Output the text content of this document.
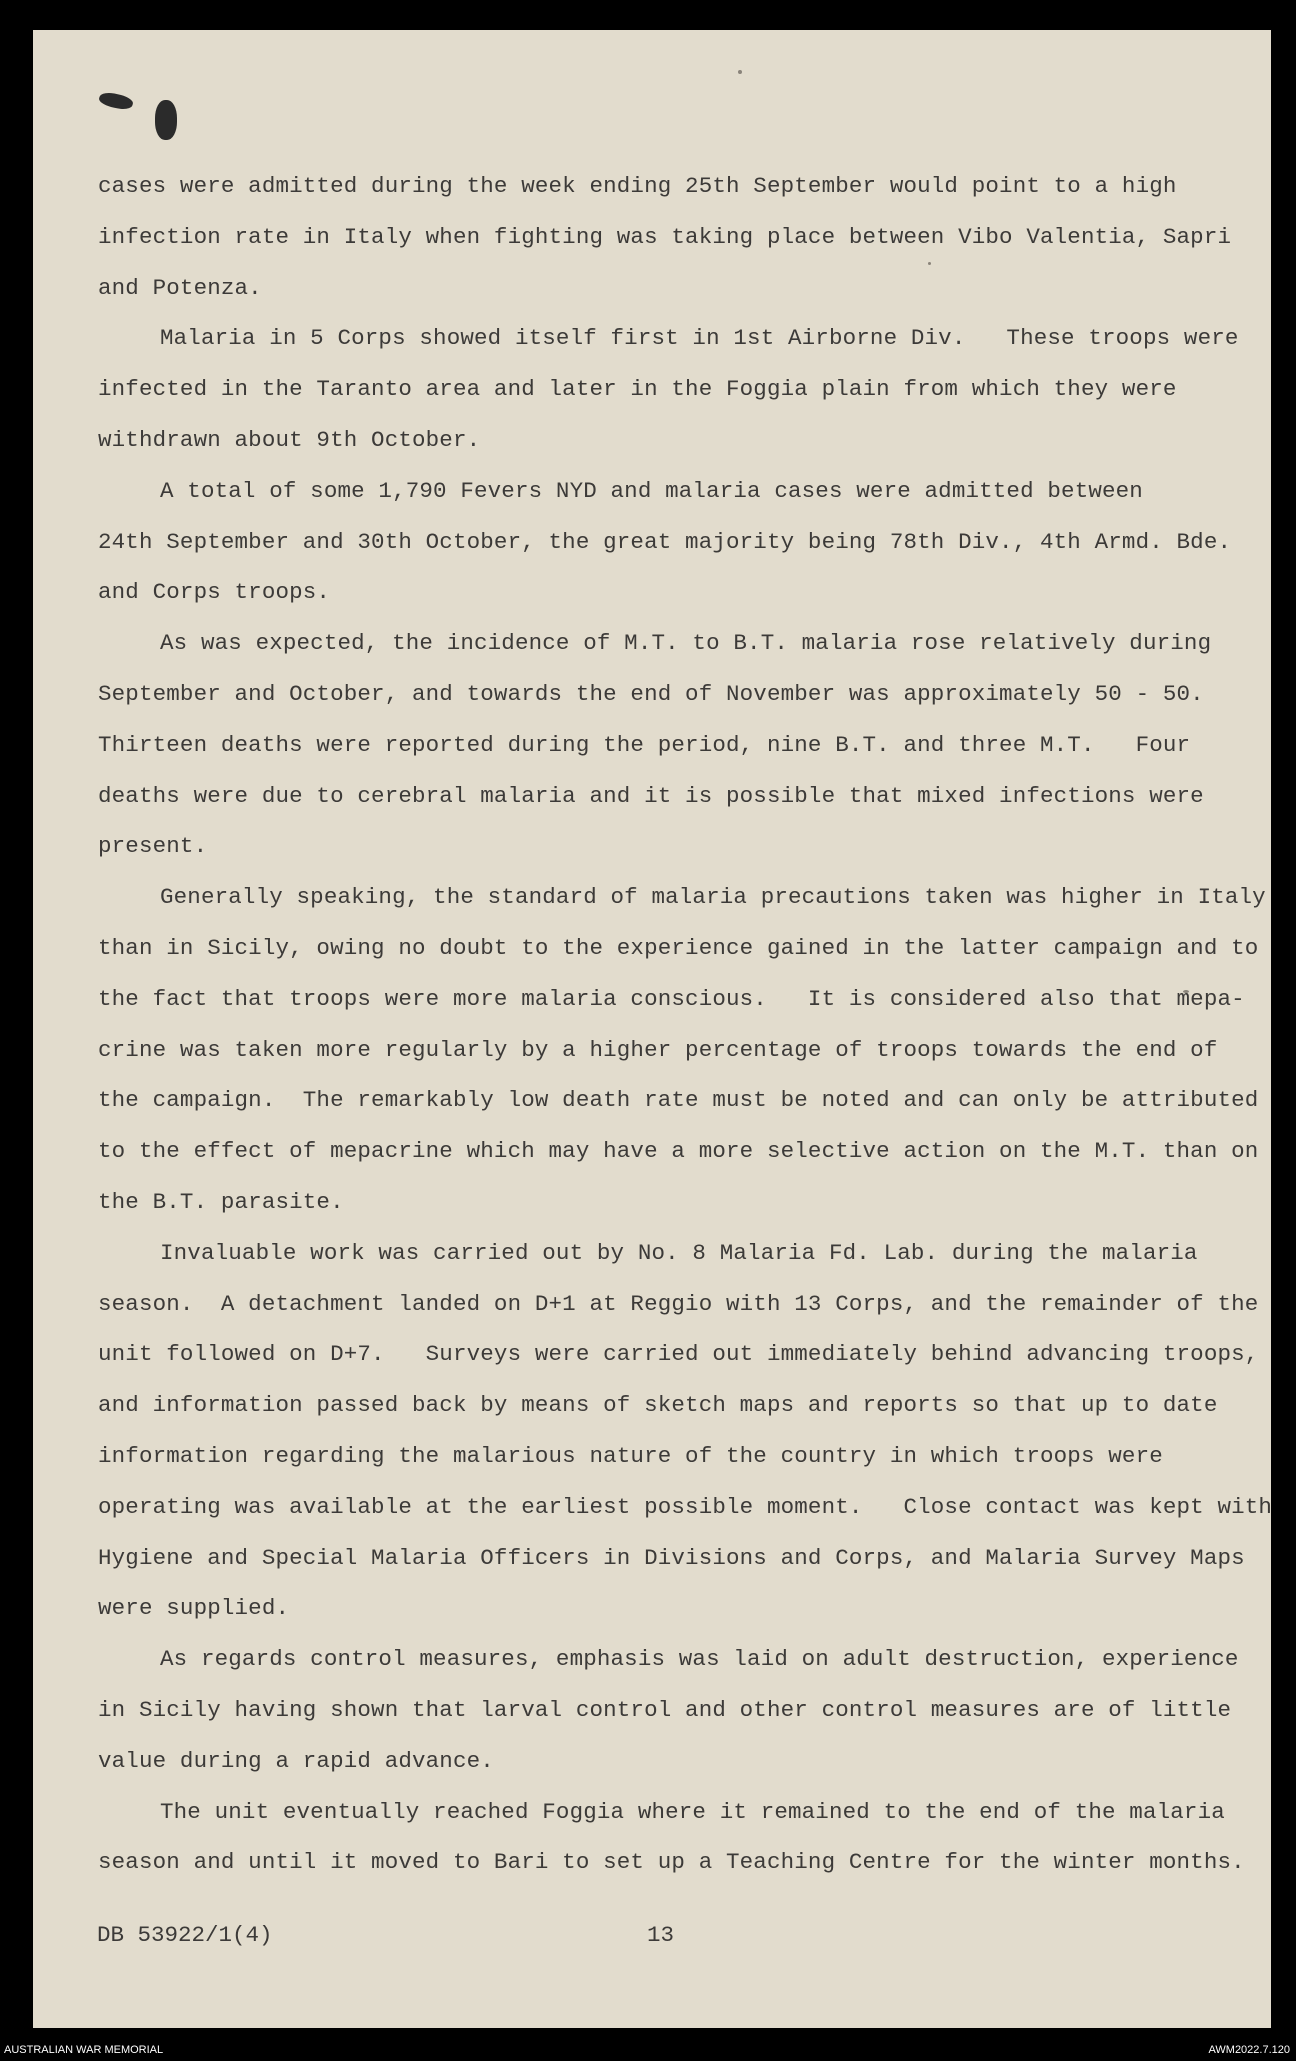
cases were admitted during the week ending 25th September would point to a high
infection rate in Italy when fighting was taking place between Vibo Valentia, Sapri
and Potenza.
Malaria in 5 Corps showed itself first in 1st Airborne Div.   These troops were
infected in the Taranto area and later in the Foggia plain from which they were
withdrawn about 9th October.
A total of some 1,790 Fevers NYD and malaria cases were admitted between
24th September and 30th October, the great majority being 78th Div., 4th Armd. Bde.
and Corps troops.
As was expected, the incidence of M.T. to B.T. malaria rose relatively during
September and October, and towards the end of November was approximately 50 - 50.
Thirteen deaths were reported during the period, nine B.T. and three M.T.   Four
deaths were due to cerebral malaria and it is possible that mixed infections were
present.
Generally speaking, the standard of malaria precautions taken was higher in Italy
than in Sicily, owing no doubt to the experience gained in the latter campaign and to
the fact that troops were more malaria conscious.   It is considered also that mepa-
crine was taken more regularly by a higher percentage of troops towards the end of
the campaign.  The remarkably low death rate must be noted and can only be attributed
to the effect of mepacrine which may have a more selective action on the M.T. than on
the B.T. parasite.
Invaluable work was carried out by No. 8 Malaria Fd. Lab. during the malaria
season.  A detachment landed on D+1 at Reggio with 13 Corps, and the remainder of the
unit followed on D+7.   Surveys were carried out immediately behind advancing troops,
and information passed back by means of sketch maps and reports so that up to date
information regarding the malarious nature of the country in which troops were
operating was available at the earliest possible moment.   Close contact was kept with
Hygiene and Special Malaria Officers in Divisions and Corps, and Malaria Survey Maps
were supplied.
As regards control measures, emphasis was laid on adult destruction, experience
in Sicily having shown that larval control and other control measures are of little
value during a rapid advance.
The unit eventually reached Foggia where it remained to the end of the malaria
season and until it moved to Bari to set up a Teaching Centre for the winter months.
DB 53922/1(4)	13
AUSTRALIAN WAR MEMORIAL	AWM2022.7.120
